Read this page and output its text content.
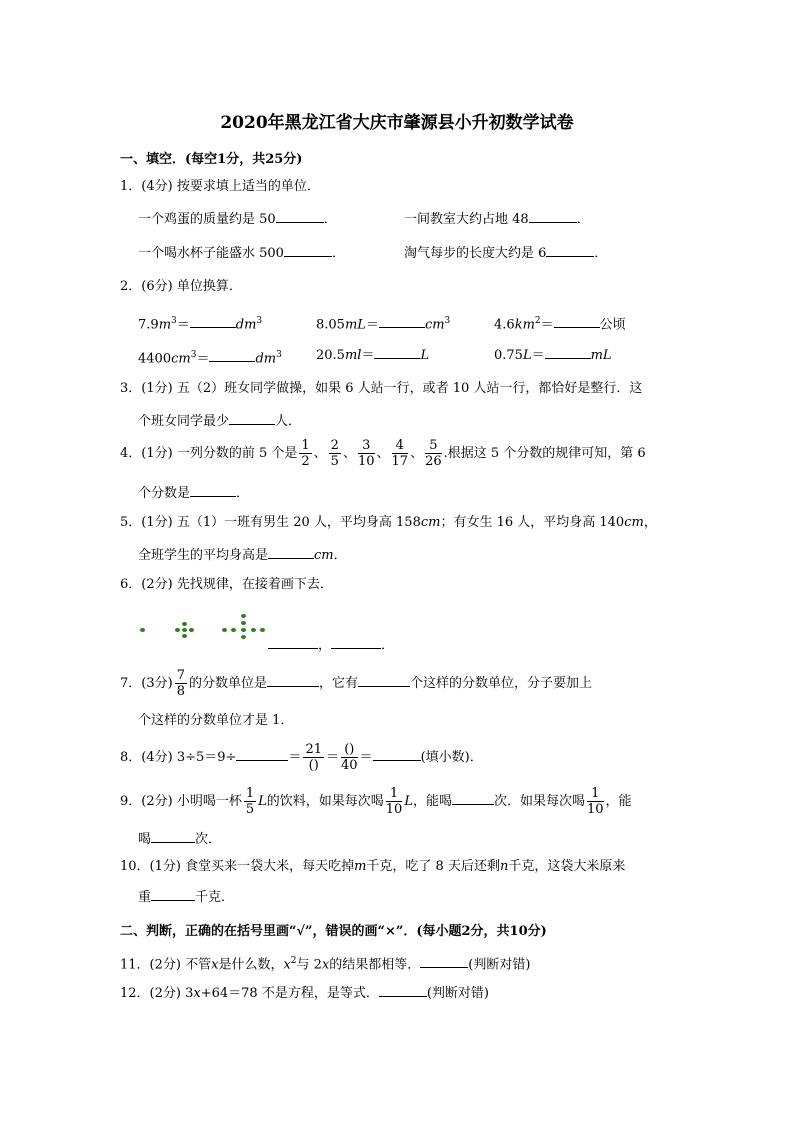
2020年黑龙江省大庆市肇源县小升初数学试卷
一、填空．(每空1分，共25分)
1．(4分) 按要求填上适当的单位．
一个鸡蛋的质量约是 50	．	一间教室大约占地 48	．
一个喝水杯子能盛水 500	．	淘气每步的长度大约是 6	．
2．(6分) 单位换算．
$7.9m^3=$	$dm^3$	8.05mL＝	$cm^3$	$4.6km^2=$	公顷
$4400cm^3=$	$dm^3$	20.5ml＝	L	0.75L＝	mL
3．(1分) 五（2）班女同学做操，如果 6 人站一行，或者 10 人站一行，都恰好是整行．这
个班女同学最少	人．
4．(1分) 一列分数的前 5 个是 $\frac{1}{2}$ 、 $\frac{2}{5}$ 、 $\frac{3}{10}$ 、 $\frac{4}{17}$ 、 $\frac{5}{26}$ .根据这 5 个分数的规律可知，第 6
个分数是	．
5．(1分) 五（1）一班有男生 20 人，平均身高 158cm；有女生 16 人，平均身高 140cm，
全班学生的平均身高是	cm．
6．(2分) 先找规律，在接着画下去．
，	．
7．(3分) $\frac{7}{8}$ 的分数单位是	，它有	个这样的分数单位，分子要加上
个这样的分数单位才是 1．
8．(4分) 3÷5＝9÷	＝ $\frac{21}{()} = \frac{()}{40}$ ＝	(填小数)．
9．(2分) 小明喝一杯 $\frac{1}{5}$ L的饮料，如果每次喝 $\frac{1}{10}$ L，能喝	次．如果每次喝 $\frac{1}{10}$ ，能
喝	次．
10．(1分) 食堂买来一袋大米，每天吃掉m千克，吃了 8 天后还剩n千克，这袋大米原来
重	千克．
二、判断，正确的在括号里画“√”，错误的画“×”．(每小题2分，共10分)
11．(2分) 不管x是什么数，$x^2$与 2x的结果都相等．	(判断对错)
12．(2分) 3x+64＝78 不是方程，是等式．	(判断对错)
